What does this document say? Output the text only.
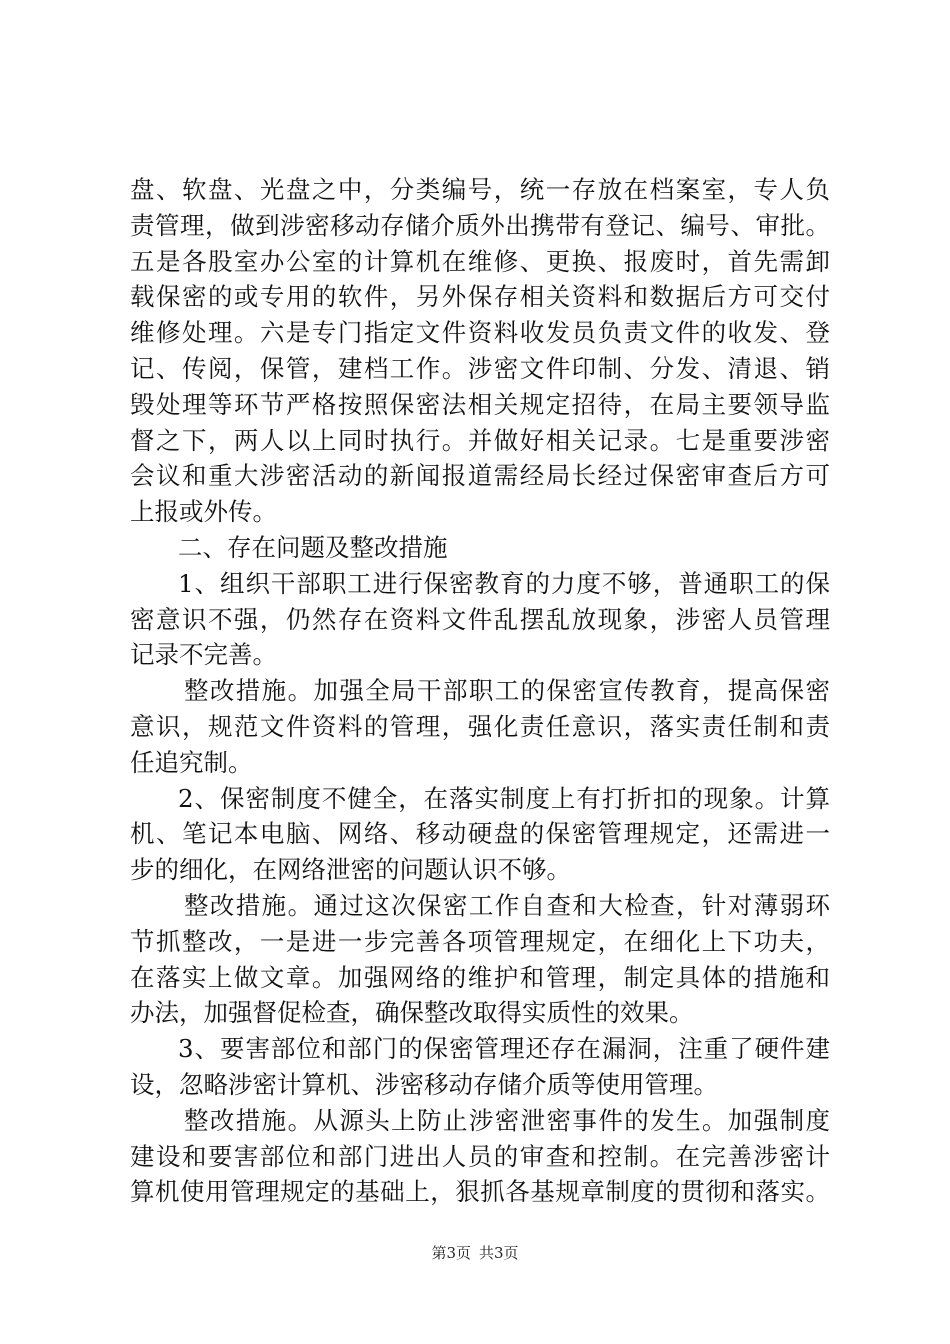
盘、软盘、光盘之中，分类编号，统一存放在档案室，专人负
责管理，做到涉密移动存储介质外出携带有登记、编号、审批。
五是各股室办公室的计算机在维修、更换、报废时，首先需卸
载保密的或专用的软件，另外保存相关资料和数据后方可交付
维修处理。六是专门指定文件资料收发员负责文件的收发、登
记、传阅，保管，建档工作。涉密文件印制、分发、清退、销
毁处理等环节严格按照保密法相关规定招待，在局主要领导监
督之下，两人以上同时执行。并做好相关记录。七是重要涉密
会议和重大涉密活动的新闻报道需经局长经过保密审查后方可
上报或外传。
二、存在问题及整改措施
1、组织干部职工进行保密教育的力度不够，普通职工的保
密意识不强，仍然存在资料文件乱摆乱放现象，涉密人员管理
记录不完善。
整改措施。加强全局干部职工的保密宣传教育，提高保密
意识，规范文件资料的管理，强化责任意识，落实责任制和责
任追究制。
2、保密制度不健全，在落实制度上有打折扣的现象。计算
机、笔记本电脑、网络、移动硬盘的保密管理规定，还需进一
步的细化，在网络泄密的问题认识不够。
整改措施。通过这次保密工作自查和大检查，针对薄弱环
节抓整改，一是进一步完善各项管理规定，在细化上下功夫，
在落实上做文章。加强网络的维护和管理，制定具体的措施和
办法，加强督促检查，确保整改取得实质性的效果。
3、要害部位和部门的保密管理还存在漏洞，注重了硬件建
设，忽略涉密计算机、涉密移动存储介质等使用管理。
整改措施。从源头上防止涉密泄密事件的发生。加强制度
建设和要害部位和部门进出人员的审查和控制。在完善涉密计
算机使用管理规定的基础上，狠抓各基规章制度的贯彻和落实。
第3页 共3页
